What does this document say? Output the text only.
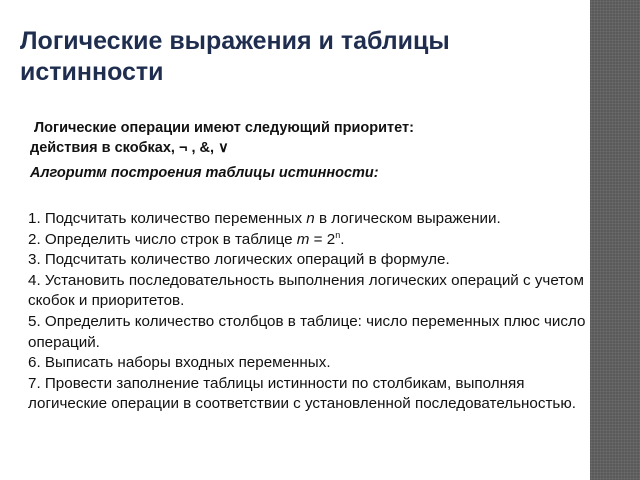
Логические выражения и таблицы истинности
Логические операции имеют следующий приоритет:
действия в скобках, ¬ , &, ∨
Алгоритм построения таблицы истинности:
1. Подсчитать количество переменных n в логическом выражении.
2. Определить число строк в таблице $m = 2^n$.
3. Подсчитать количество логических операций в формуле.
4. Установить последовательность выполнения логических операций с учетом скобок и приоритетов.
5. Определить количество столбцов в таблице: число переменных плюс число операций.
6. Выписать наборы входных переменных.
7. Провести заполнение таблицы истинности по столбикам, выполняя логические операции в соответствии с установленной последовательностью.
